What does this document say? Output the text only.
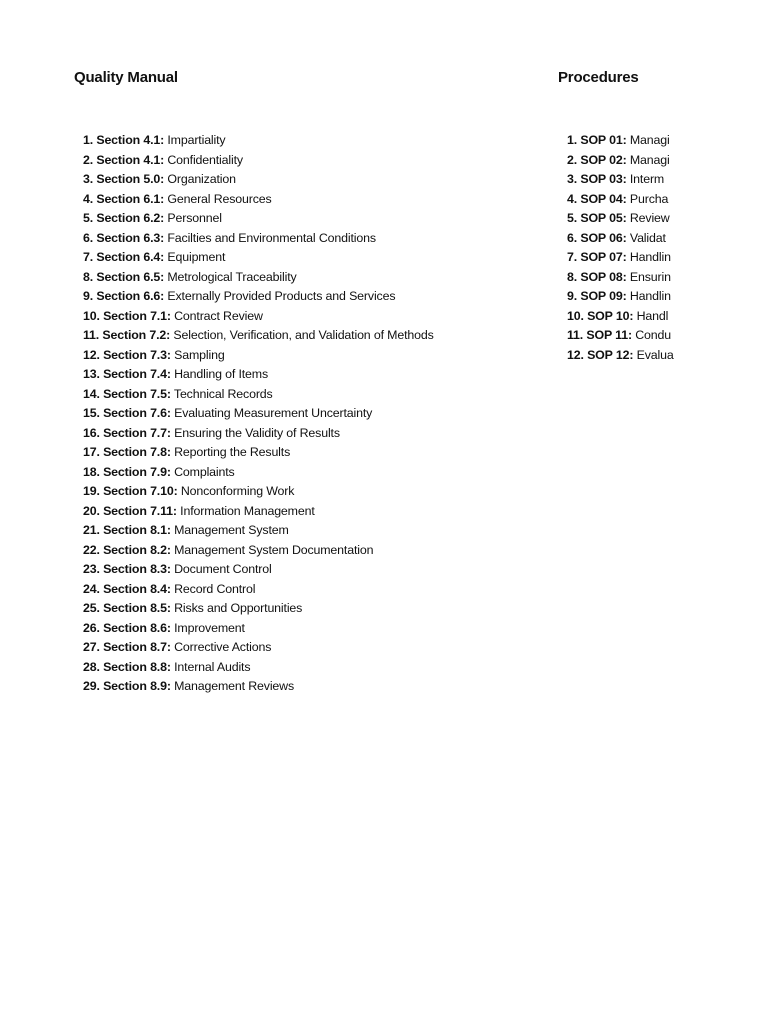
Quality Manual	Procedures
1. Section 4.1: Impartiality
2. Section 4.1: Confidentiality
3. Section 5.0: Organization
4. Section 6.1: General Resources
5. Section 6.2: Personnel
6. Section 6.3: Facilties and Environmental Conditions
7. Section 6.4: Equipment
8. Section 6.5: Metrological Traceability
9. Section 6.6: Externally Provided Products and Services
10. Section 7.1: Contract Review
11. Section 7.2: Selection, Verification, and Validation of Methods
12. Section 7.3: Sampling
13. Section 7.4: Handling of Items
14. Section 7.5: Technical Records
15. Section 7.6: Evaluating Measurement Uncertainty
16. Section 7.7: Ensuring the Validity of Results
17. Section 7.8: Reporting the Results
18. Section 7.9: Complaints
19. Section 7.10: Nonconforming Work
20. Section 7.11: Information Management
21. Section 8.1: Management System
22. Section 8.2: Management System Documentation
23. Section 8.3: Document Control
24. Section 8.4: Record Control
25. Section 8.5: Risks and Opportunities
26. Section 8.6: Improvement
27. Section 8.7: Corrective Actions
28. Section 8.8: Internal Audits
29. Section 8.9: Management Reviews
1. SOP 01: Managi
2. SOP 02: Managi
3. SOP 03: Interm
4. SOP 04: Purcha
5. SOP 05: Review
6. SOP 06: Validat
7. SOP 07: Handlin
8. SOP 08: Ensurin
9. SOP 09: Handlin
10. SOP 10: Handl
11. SOP 11: Condu
12. SOP 12: Evalua
